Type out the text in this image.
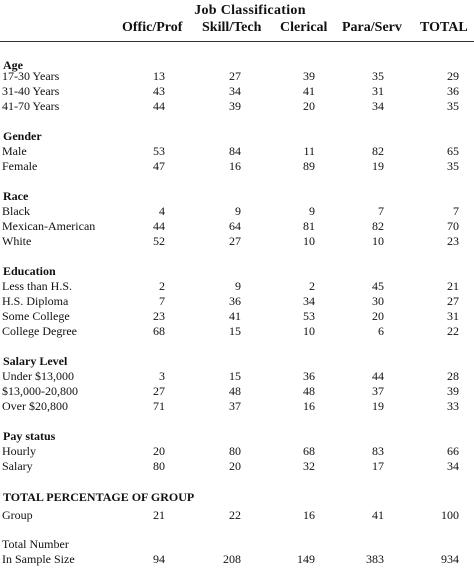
Job Classification
Offic/Prof Skill/Tech Clerical Para/Serv TOTAL
Age
17-30 Years	13	27	39	35	29
31-40 Years	43	34	41	31	36
41-70 Years	44	39	20	34	35
Gender
Male	53	84	11	82	65
Female	47	16	89	19	35
Race
Black	4	9	9	7	7
Mexican-American	44	64	81	82	70
White	52	27	10	10	23
Education
Less than H.S.	2	9	2	45	21
H.S. Diploma	7	36	34	30	27
Some College	23	41	53	20	31
College Degree	68	15	10	6	22
Salary Level
Under $13,000	3	15	36	44	28
$13,000-20,800	27	48	48	37	39
Over $20,800	71	37	16	19	33
Pay status
Hourly	20	80	68	83	66
Salary	80	20	32	17	34
TOTAL PERCENTAGE OF GROUP
Group	21	22	16	41	100
Total Number
In Sample Size	94	208	149	383	934
